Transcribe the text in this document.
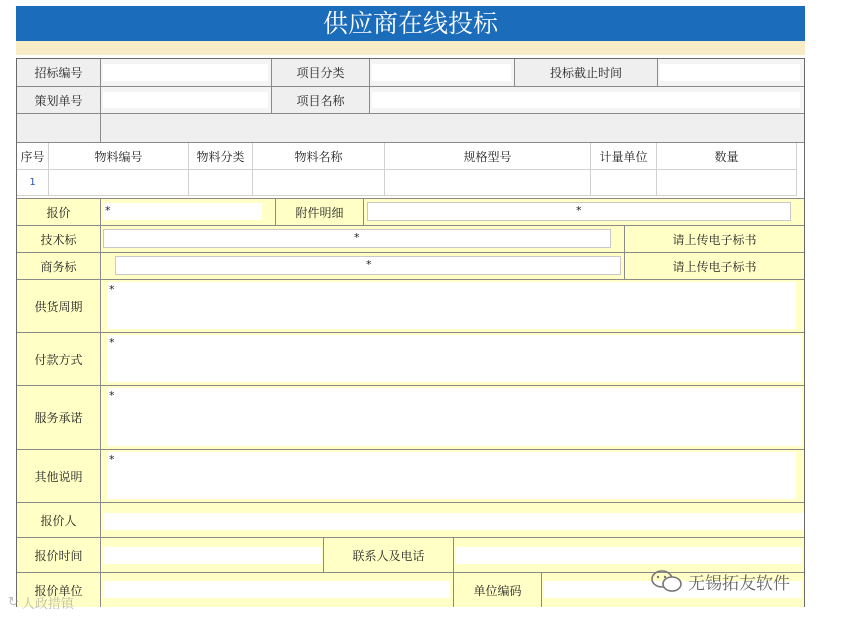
供应商在线投标
招标编号	项目分类	投标截止时间
策划单号	项目名称
序号	物料编号	物料分类	物料名称	规格型号	计量单位	数量
1
报价	*	附件明细	*
技术标	*	请上传电子标书
商务标	*	请上传电子标书
供货周期
*
付款方式
*
服务承诺
*
其他说明
*
报价人
报价时间	联系人及电话
报价单位	单位编码	无锡拓友软件
↻ 人政措镇
